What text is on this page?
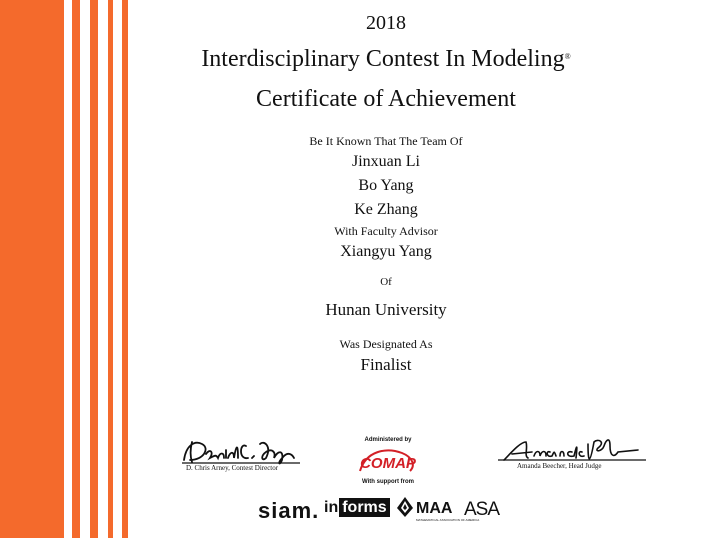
2018
Interdisciplinary Contest In Modeling®
Certificate of Achievement
Be It Known That The Team Of
Jinxuan Li
Bo Yang
Ke Zhang
With Faculty Advisor
Xiangyu Yang
Of
Hunan University
Was Designated As
Finalist
D. Chris Arney, Contest Director	Amanda Beecher, Head Judge
Administered by
COMAP
With support from
siam. in forms MAA
MATHEMATICAL ASSOCIATION OF AMERICA
ASA
